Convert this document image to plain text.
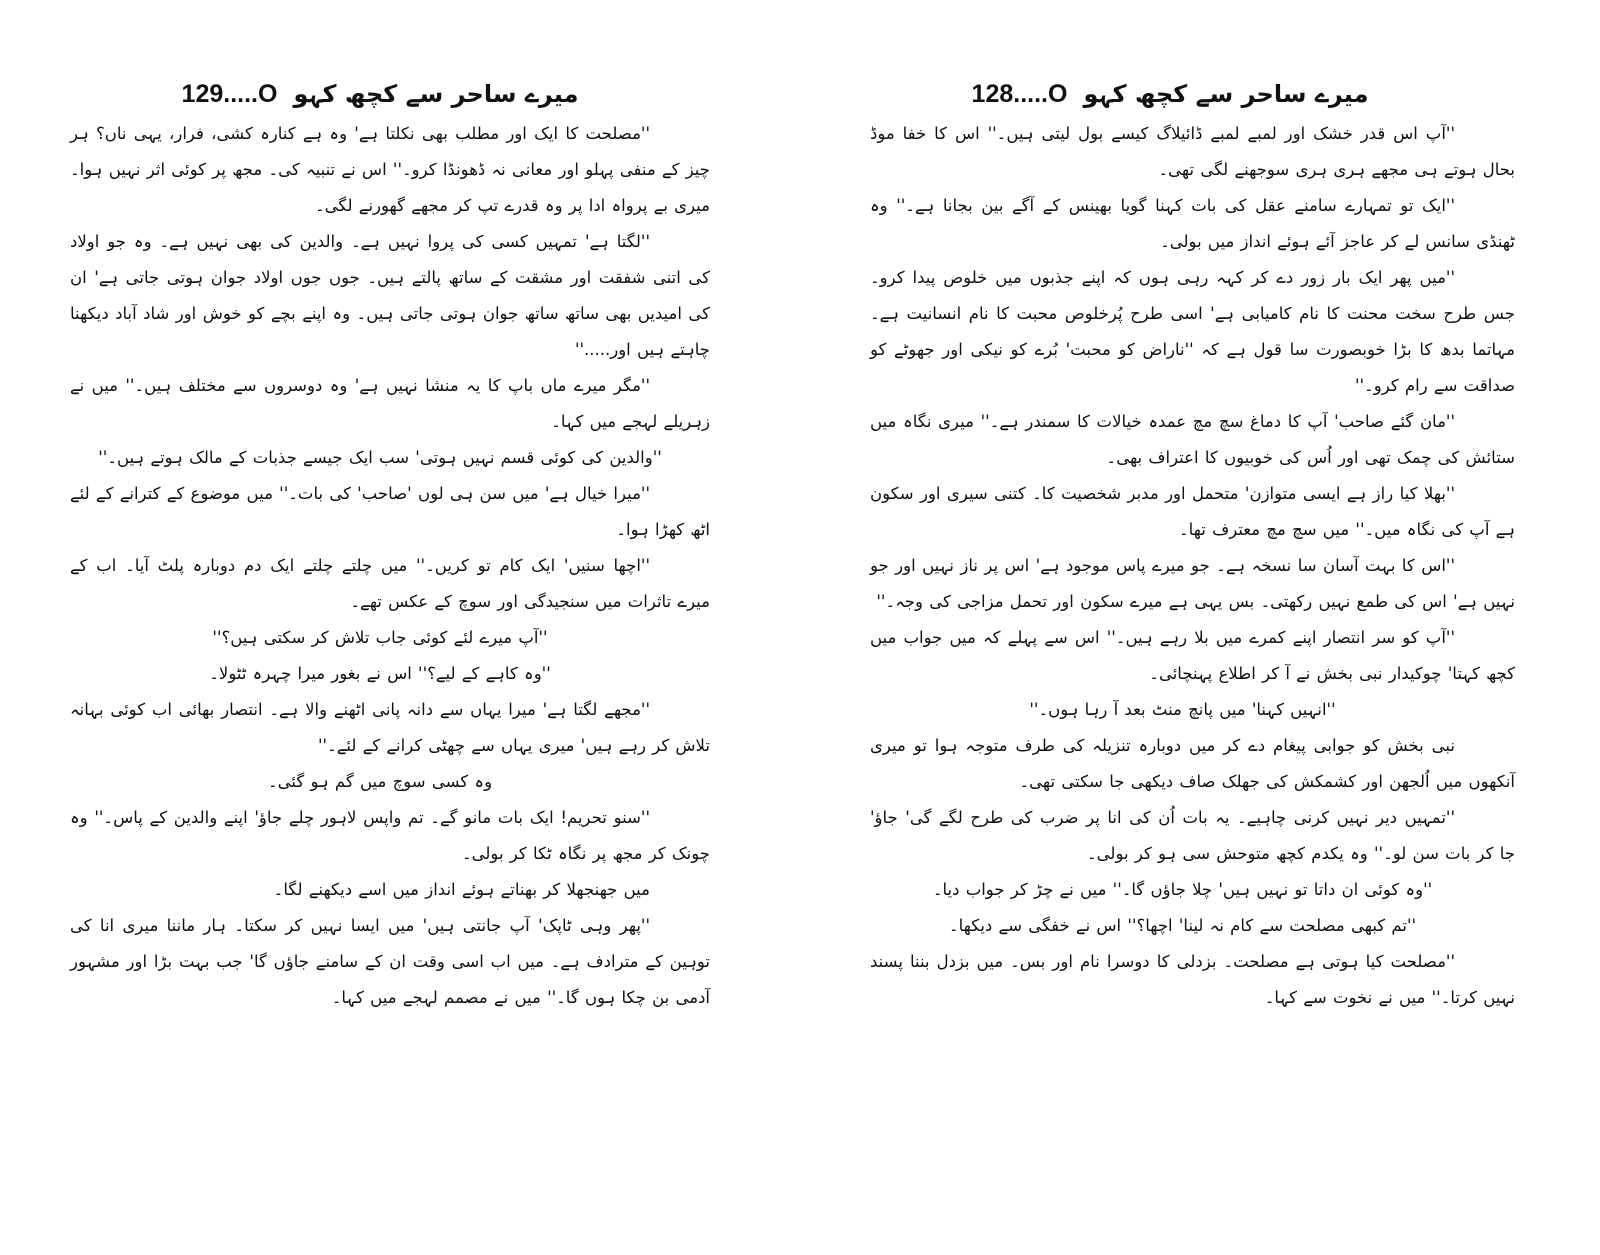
میرے ساحر سے کچھ کہو
129.....O

''مصلحت کا ایک اور مطلب بھی نکلتا ہے' وہ ہے کنارہ کشی، فرار، یہی ناں؟ ہر چیز کے منفی پہلو اور معانی نہ ڈھونڈا کرو۔'' اس نے تنبیہ کی۔ مجھ پر کوئی اثر نہیں ہوا۔ میری بے پرواہ ادا پر وہ قدرے تپ کر مجھے گھورنے لگی۔

''لگتا ہے' تمہیں کسی کی پروا نہیں ہے۔ والدین کی بھی نہیں ہے۔ وہ جو اولاد کی اتنی شفقت اور مشقت کے ساتھ پالتے ہیں۔ جوں جوں اولاد جوان ہوتی جاتی ہے' ان کی امیدیں بھی ساتھ ساتھ جوان ہوتی جاتی ہیں۔ وہ اپنے بچے کو خوش اور شاد آباد دیکھنا چاہتے ہیں اور.....''

''مگر میرے ماں باپ کا یہ منشا نہیں ہے' وہ دوسروں سے مختلف ہیں۔'' میں نے زہریلے لہجے میں کہا۔

''والدین کی کوئی قسم نہیں ہوتی' سب ایک جیسے جذبات کے مالک ہوتے ہیں۔''

''میرا خیال ہے' میں سن ہی لوں 'صاحب' کی بات۔'' میں موضوع کے کترانے کے لئے اٹھ کھڑا ہوا۔

''اچھا سنیں' ایک کام تو کریں۔'' میں چلتے چلتے ایک دم دوبارہ پلٹ آیا۔ اب کے میرے تاثرات میں سنجیدگی اور سوچ کے عکس تھے۔

''آپ میرے لئے کوئی جاب تلاش کر سکتی ہیں؟''

''وہ کاہے کے لیے؟'' اس نے بغور میرا چہرہ ٹٹولا۔

''مجھے لگتا ہے' میرا یہاں سے دانہ پانی اٹھنے والا ہے۔ انتصار بھائی اب کوئی بہانہ تلاش کر رہے ہیں' میری یہاں سے چھٹی کرانے کے لئے۔''

وہ کسی سوچ میں گم ہو گئی۔

''سنو تحریم! ایک بات مانو گے۔ تم واپس لاہور چلے جاؤ' اپنے والدین کے پاس۔'' وہ چونک کر مجھ پر نگاہ ٹکا کر بولی۔

میں جھنجھلا کر بھناتے ہوئے انداز میں اسے دیکھنے لگا۔

''پھر وہی ٹاپک' آپ جانتی ہیں' میں ایسا نہیں کر سکتا۔ ہار ماننا میری انا کی توہین کے مترادف ہے۔ میں اب اسی وقت ان کے سامنے جاؤں گا' جب بہت بڑا اور مشہور آدمی بن چکا ہوں گا۔'' میں نے مصمم لہجے میں کہا۔

میرے ساحر سے کچھ کہو
128.....O

''آپ اس قدر خشک اور لمبے لمبے ڈائیلاگ کیسے بول لیتی ہیں۔'' اس کا خفا موڈ بحال ہوتے ہی مجھے ہری ہری سوجھنے لگی تھی۔

''ایک تو تمہارے سامنے عقل کی بات کہنا گویا بھینس کے آگے بین بجانا ہے۔'' وہ ٹھنڈی سانس لے کر عاجز آئے ہوئے انداز میں بولی۔

''میں پھر ایک بار زور دے کر کہہ رہی ہوں کہ اپنے جذبوں میں خلوص پیدا کرو۔ جس طرح سخت محنت کا نام کامیابی ہے' اسی طرح پُرخلوص محبت کا نام انسانیت ہے۔ مہاتما بدھ کا بڑا خوبصورت سا قول ہے کہ ''ناراض کو محبت' بُرے کو نیکی اور جھوٹے کو صداقت سے رام کرو۔''

''مان گئے صاحب' آپ کا دماغ سچ مچ عمدہ خیالات کا سمندر ہے۔'' میری نگاہ میں ستائش کی چمک تھی اور اُس کی خوبیوں کا اعتراف بھی۔

''بھلا کیا راز ہے ایسی متوازن' متحمل اور مدبر شخصیت کا۔ کتنی سیری اور سکون ہے آپ کی نگاہ میں۔'' میں سچ مچ معترف تھا۔

''اس کا بہت آسان سا نسخہ ہے۔ جو میرے پاس موجود ہے' اس پر ناز نہیں اور جو نہیں ہے' اس کی طمع نہیں رکھتی۔ بس یہی ہے میرے سکون اور تحمل مزاجی کی وجہ۔''

''آپ کو سر انتصار اپنے کمرے میں بلا رہے ہیں۔'' اس سے پہلے کہ میں جواب میں کچھ کہتا' چوکیدار نبی بخش نے آ کر اطلاع پہنچائی۔

''انہیں کہنا' میں پانچ منٹ بعد آ رہا ہوں۔''

نبی بخش کو جوابی پیغام دے کر میں دوبارہ تنزیلہ کی طرف متوجہ ہوا تو میری آنکھوں میں اُلجھن اور کشمکش کی جھلک صاف دیکھی جا سکتی تھی۔

''تمہیں دیر نہیں کرنی چاہیے۔ یہ بات اُن کی انا پر ضرب کی طرح لگے گی' جاؤ' جا کر بات سن لو۔'' وہ یکدم کچھ متوحش سی ہو کر بولی۔

''وہ کوئی ان داتا تو نہیں ہیں' چلا جاؤں گا۔'' میں نے چڑ کر جواب دیا۔

''تم کبھی مصلحت سے کام نہ لینا' اچھا؟'' اس نے خفگی سے دیکھا۔

''مصلحت کیا ہوتی ہے مصلحت۔ بزدلی کا دوسرا نام اور بس۔ میں بزدل بننا پسند نہیں کرتا۔'' میں نے نخوت سے کہا۔
